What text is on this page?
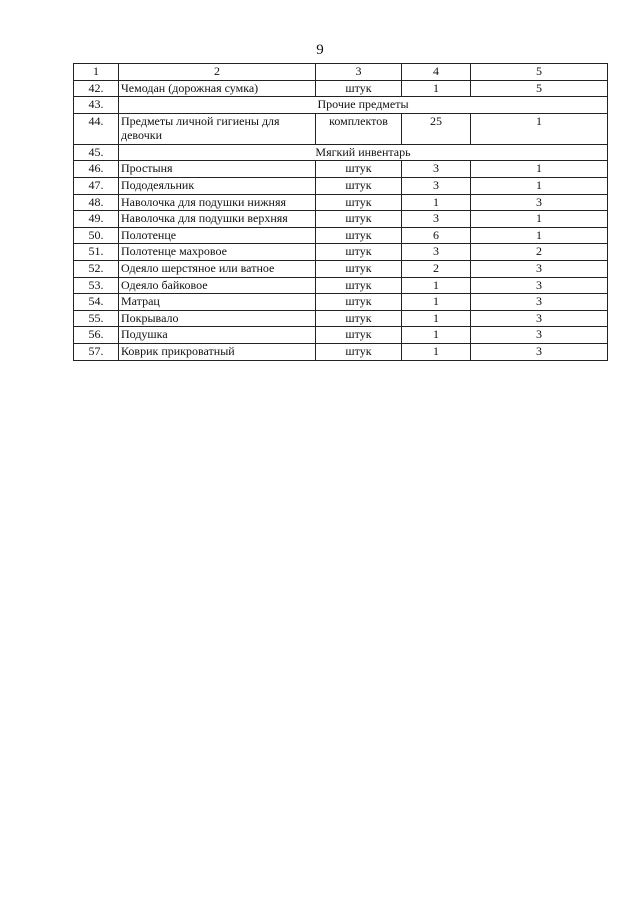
9
1	2	3	4	5
42.	Чемодан (дорожная сумка)	штук	1	5
43.	Прочие предметы			
44.	Предметы личной гигиены для девочки	комплектов	25	1
45.	Мягкий инвентарь			
46.	Простыня	штук	3	1
47.	Пододеяльник	штук	3	1
48.	Наволочка для подушки нижняя	штук	1	3
49.	Наволочка для подушки верхняя	штук	3	1
50.	Полотенце	штук	6	1
51.	Полотенце махровое	штук	3	2
52.	Одеяло шерстяное или ватное	штук	2	3
53.	Одеяло байковое	штук	1	3
54.	Матрац	штук	1	3
55.	Покрывало	штук	1	3
56.	Подушка	штук	1	3
57.	Коврик прикроватный	штук	1	3
